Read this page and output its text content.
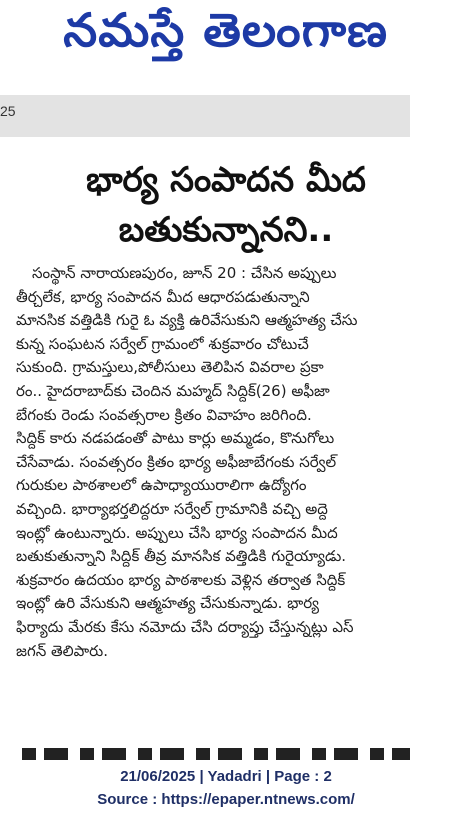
నమస్తే తెలంగాణ
25
భార్య సంపాదన మీద
బతుకున్నానని..
సంస్థాన్ నారాయణపురం, జూన్ 20 : చేసిన అప్పులు
తీర్చలేక, భార్య సంపాదన మీద ఆధారపడుతున్నాని
మానసిక వత్తిడికి గురై ఓ వ్యక్తి ఉరివేసుకుని ఆత్మహత్య చేసు
కున్న సంఘటన సర్వేల్ గ్రామంలో శుక్రవారం చోటుచే
సుకుంది. గ్రామస్తులు,పోలీసులు తెలిపిన వివరాల ప్రకా
రం.. హైదరాబాద్‌కు చెందిన మహ్మద్ సిద్దిక్(26) అఫీజా
బేగంకు రెండు సంవత్సరాల క్రితం వివాహం జరిగింది.
సిద్దిక్ కారు నడపడంతో పాటు కార్లు అమ్మడం, కొనుగోలు
చేసేవాడు. సంవత్సరం క్రితం భార్య అఫీజాబేగంకు సర్వేల్
గురుకుల పాఠశాలలో ఉపాధ్యాయురాలిగా ఉద్యోగం
వచ్చింది. భార్యాభర్తలిద్దరూ సర్వేల్ గ్రామానికి వచ్చి అద్దె
ఇంట్లో ఉంటున్నారు. అప్పులు చేసి భార్య సంపాదన మీద
బతుకుతున్నాని సిద్దిక్ తీవ్ర మానసిక వత్తిడికి గురైయ్యాడు.
శుక్రవారం ఉదయం భార్య పాఠశాలకు వెళ్లిన తర్వాత సిద్దిక్
ఇంట్లో ఉరి వేసుకుని ఆత్మహత్య చేసుకున్నాడు. భార్య
ఫిర్యాదు మేరకు కేసు నమోదు చేసి దర్యాప్తు చేస్తున్నట్లు ఎస్
జగన్ తెలిపారు.
21/06/2025 | Yadadri | Page : 2
Source : https://epaper.ntnews.com/
